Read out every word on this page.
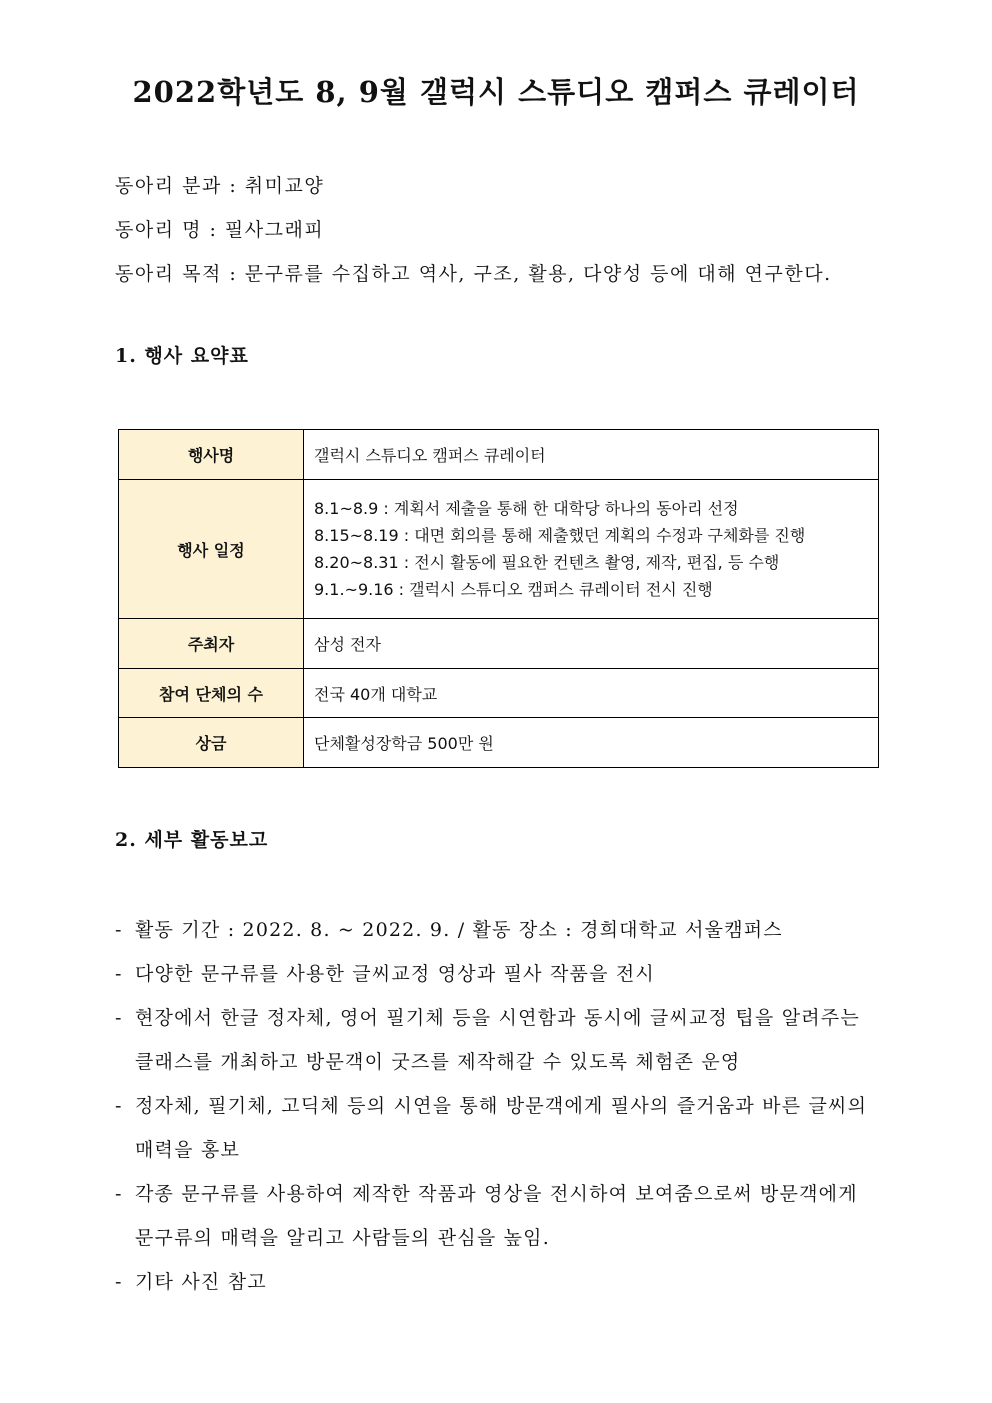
2022학년도 8, 9월 갤럭시 스튜디오 캠퍼스 큐레이터
동아리 분과 : 취미교양
동아리 명 : 필사그래피
동아리 목적 : 문구류를 수집하고 역사, 구조, 활용, 다양성 등에 대해 연구한다.
1. 행사 요약표
행사명	갤럭시 스튜디오 캠퍼스 큐레이터
행사 일정	8.1~8.9 : 계획서 제출을 통해 한 대학당 하나의 동아리 선정
8.15~8.19 : 대면 회의를 통해 제출했던 계획의 수정과 구체화를 진행
8.20~8.31 : 전시 활동에 필요한 컨텐츠 촬영, 제작, 편집, 등 수행
9.1.~9.16 : 갤럭시 스튜디오 캠퍼스 큐레이터 전시 진행

주최자	삼성 전자
참여 단체의 수	전국 40개 대학교
상금	단체활성장학금 500만 원
2. 세부 활동보고
- 활동 기간 : 2022. 8. ~ 2022. 9. / 활동 장소 : 경희대학교 서울캠퍼스
- 다양한 문구류를 사용한 글씨교정 영상과 필사 작품을 전시
- 현장에서 한글 정자체, 영어 필기체 등을 시연함과 동시에 글씨교정 팁을 알려주는 클래스를 개최하고 방문객이 굿즈를 제작해갈 수 있도록 체험존 운영
- 정자체, 필기체, 고딕체 등의 시연을 통해 방문객에게 필사의 즐거움과 바른 글씨의 매력을 홍보
- 각종 문구류를 사용하여 제작한 작품과 영상을 전시하여 보여줌으로써 방문객에게 문구류의 매력을 알리고 사람들의 관심을 높임.
- 기타 사진 참고
